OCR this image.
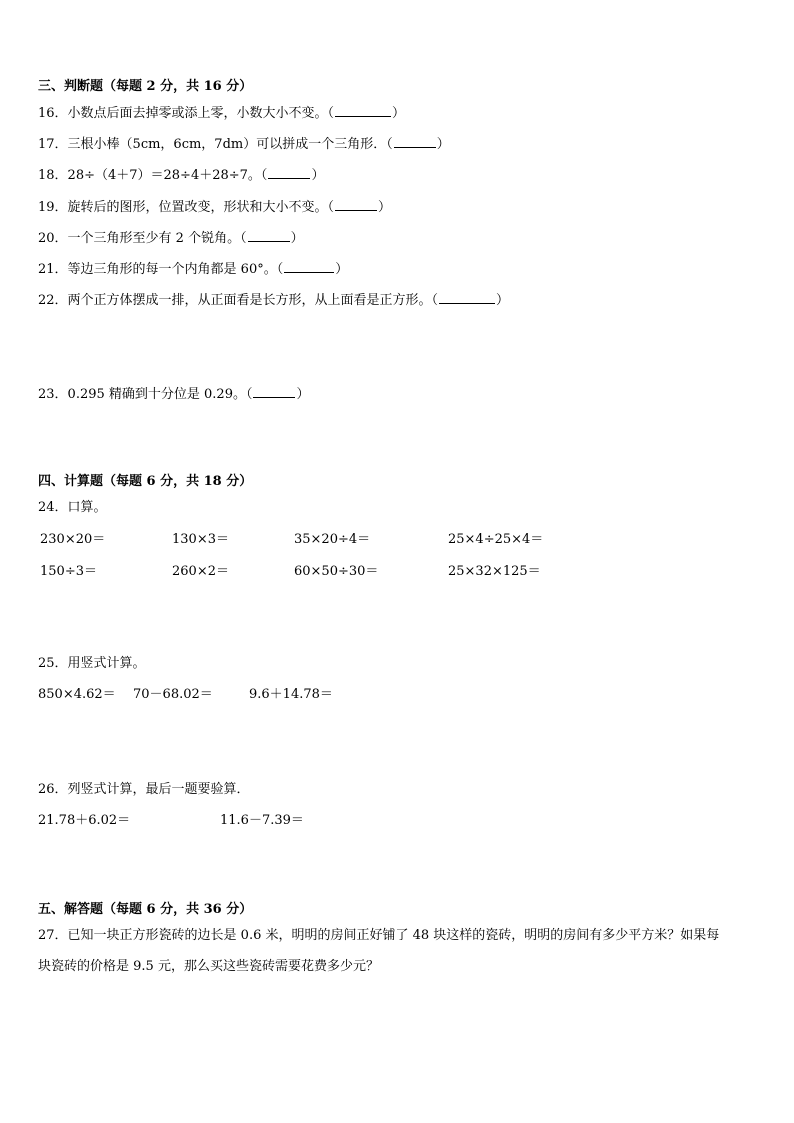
三、判断题（每题 2 分，共 16 分）
16．小数点后面去掉零或添上零，小数大小不变。（	）
17．三根小棒（5cm，6cm，7dm）可以拼成一个三角形．（	）
18．28÷（4＋7）＝28÷4＋28÷7。（	）
19．旋转后的图形，位置改变，形状和大小不变。（	）
20．一个三角形至少有 2 个锐角。（	）
21．等边三角形的每一个内角都是 60°。（	）
22．两个正方体摆成一排，从正面看是长方形，从上面看是正方形。（	）
23．0.295 精确到十分位是 0.29。（	）
四、计算题（每题 6 分，共 18 分）
24．口算。
230×20＝	130×3＝	35×20÷4＝	25×4÷25×4＝
150÷3＝	260×2＝	60×50÷30＝	25×32×125＝
25．用竖式计算。
850×4.62＝ 70－68.02＝	9.6＋14.78＝
26．列竖式计算，最后一题要验算．
21.78＋6.02＝	11.6－7.39＝
五、解答题（每题 6 分，共 36 分）
27．已知一块正方形瓷砖的边长是 0.6 米，明明的房间正好铺了 48 块这样的瓷砖，明明的房间有多少平方米？如果每
块瓷砖的价格是 9.5 元，那么买这些瓷砖需要花费多少元？
